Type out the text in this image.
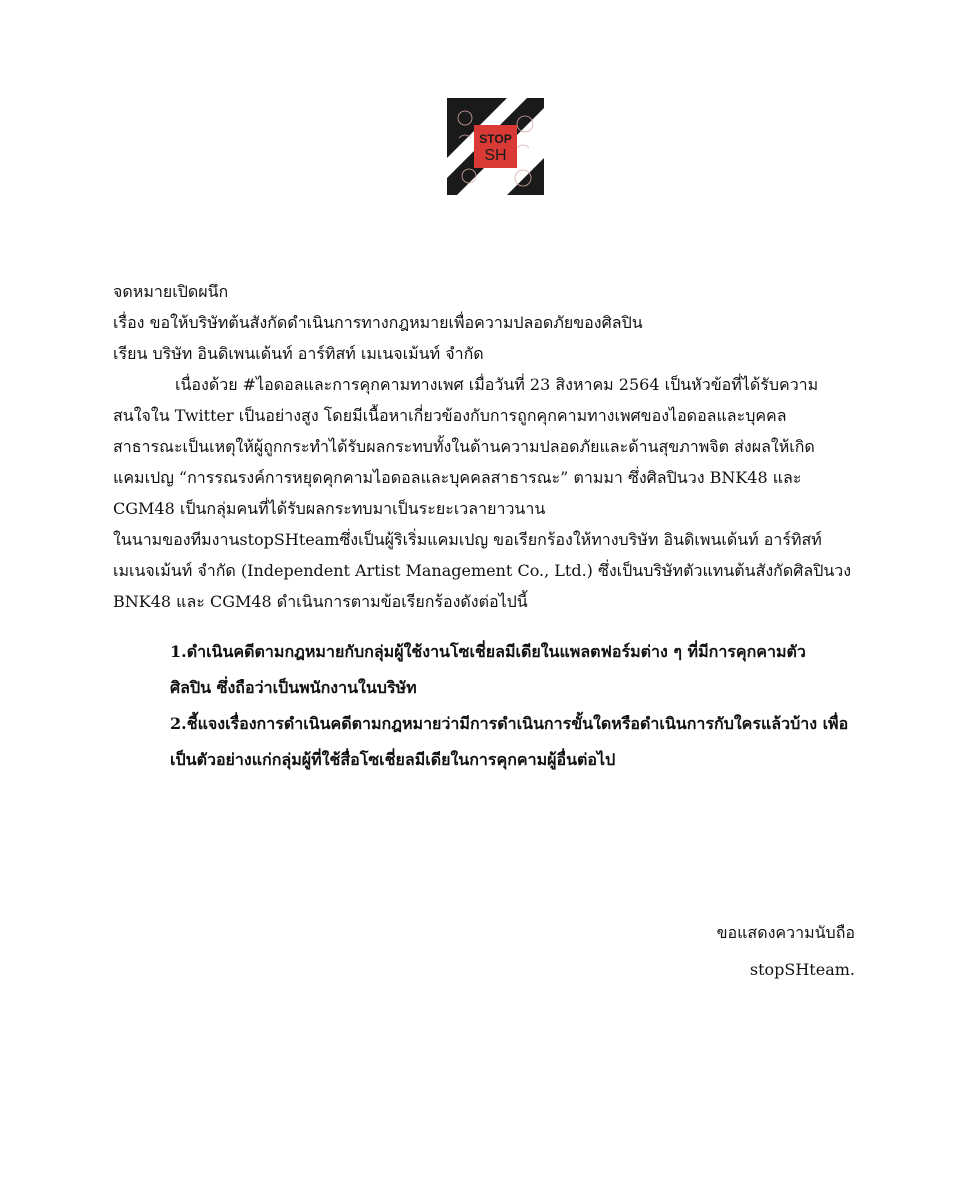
STOP
SH
จดหมายเปิดผนึก
เรื่อง ขอให้บริษัทต้นสังกัดดำเนินการทางกฎหมายเพื่อความปลอดภัยของศิลปิน
เรียน บริษัท อินดิเพนเด้นท์ อาร์ทิสท์ เมเนจเม้นท์ จำกัด
เนื่องด้วย #ไอดอลและการคุกคามทางเพศ เมื่อวันที่ 23 สิงหาคม 2564 เป็นหัวข้อที่ได้รับความ
สนใจใน Twitter เป็นอย่างสูง โดยมีเนื้อหาเกี่ยวข้องกับการถูกคุกคามทางเพศของไอดอลและบุคคล
สาธารณะเป็นเหตุให้ผู้ถูกกระทำได้รับผลกระทบทั้งในด้านความปลอดภัยและด้านสุขภาพจิต ส่งผลให้เกิด
แคมเปญ “การรณรงค์การหยุดคุกคามไอดอลและบุคคลสาธารณะ” ตามมา ซึ่งศิลปินวง BNK48 และ
CGM48 เป็นกลุ่มคนที่ได้รับผลกระทบมาเป็นระยะเวลายาวนาน
ในนามของทีมงานstopSHteamซึ่งเป็นผู้ริเริ่มแคมเปญ ขอเรียกร้องให้ทางบริษัท อินดิเพนเด้นท์ อาร์ทิสท์
เมเนจเม้นท์ จำกัด (Independent Artist Management Co., Ltd.) ซึ่งเป็นบริษัทตัวแทนต้นสังกัดศิลปินวง
BNK48 และ CGM48 ดำเนินการตามข้อเรียกร้องดังต่อไปนี้
1.ดำเนินคดีตามกฎหมายกับกลุ่มผู้ใช้งานโซเชี่ยลมีเดียในแพลตฟอร์มต่าง ๆ ที่มีการคุกคามตัว
ศิลปิน ซึ่งถือว่าเป็นพนักงานในบริษัท
2.ชี้แจงเรื่องการดำเนินคดีตามกฎหมายว่ามีการดำเนินการขั้นใดหรือดำเนินการกับใครแล้วบ้าง เพื่อ
เป็นตัวอย่างแก่กลุ่มผู้ที่ใช้สื่อโซเชี่ยลมีเดียในการคุกคามผู้อื่นต่อไป
ขอแสดงความนับถือ
stopSHteam.
